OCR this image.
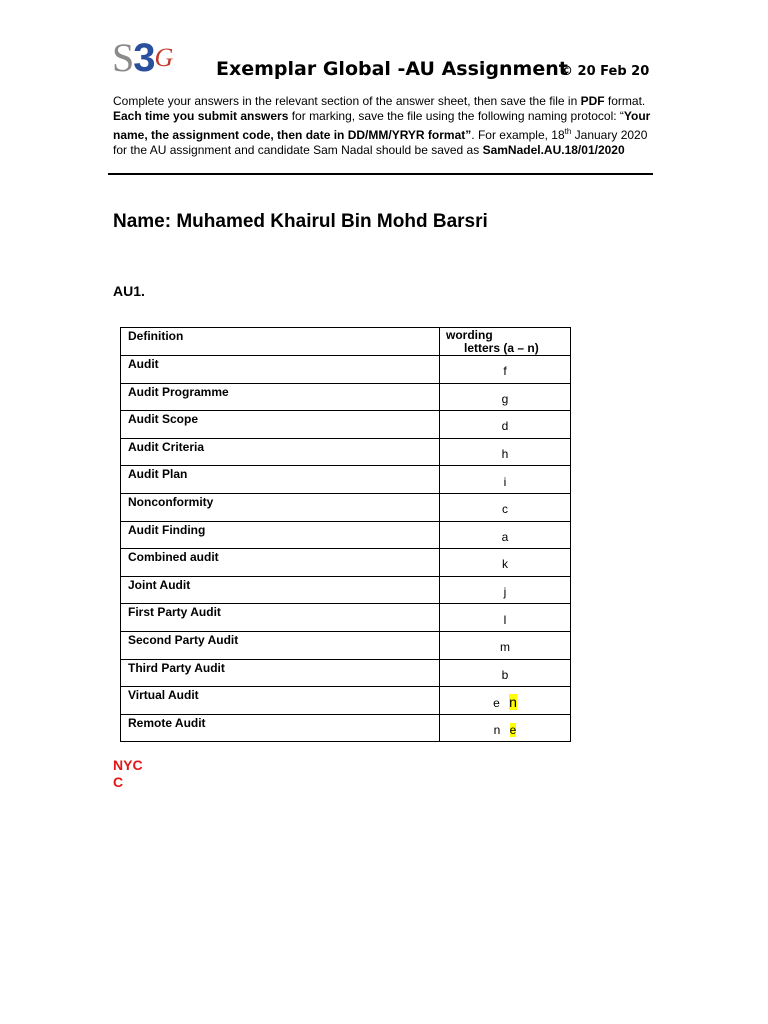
$S3^G$ Exemplar Global -AU Assignment
© 20 Feb 20
Complete your answers in the relevant section of the answer sheet, then save the file in PDF format. Each time you submit answers for marking, save the file using the following naming protocol: “Your name, the assignment code, then date in DD/MM/YRYR format”. For example, 18th January 2020 for the AU assignment and candidate Sam Nadal should be saved as SamNadel.AU.18/01/2020
Name: Muhamed Khairul Bin Mohd Barsri
AU1.
Definition	wording
letters (a – n)

Audit	f
Audit Programme	g
Audit Scope	d
Audit Criteria	h
Audit Plan	i
Nonconformity	c
Audit Finding	a
Combined audit	k
Joint Audit	j
First Party Audit	l
Second Party Audit	m
Third Party Audit	b
Virtual Audit	e n
Remote Audit	n e
NYC
C
